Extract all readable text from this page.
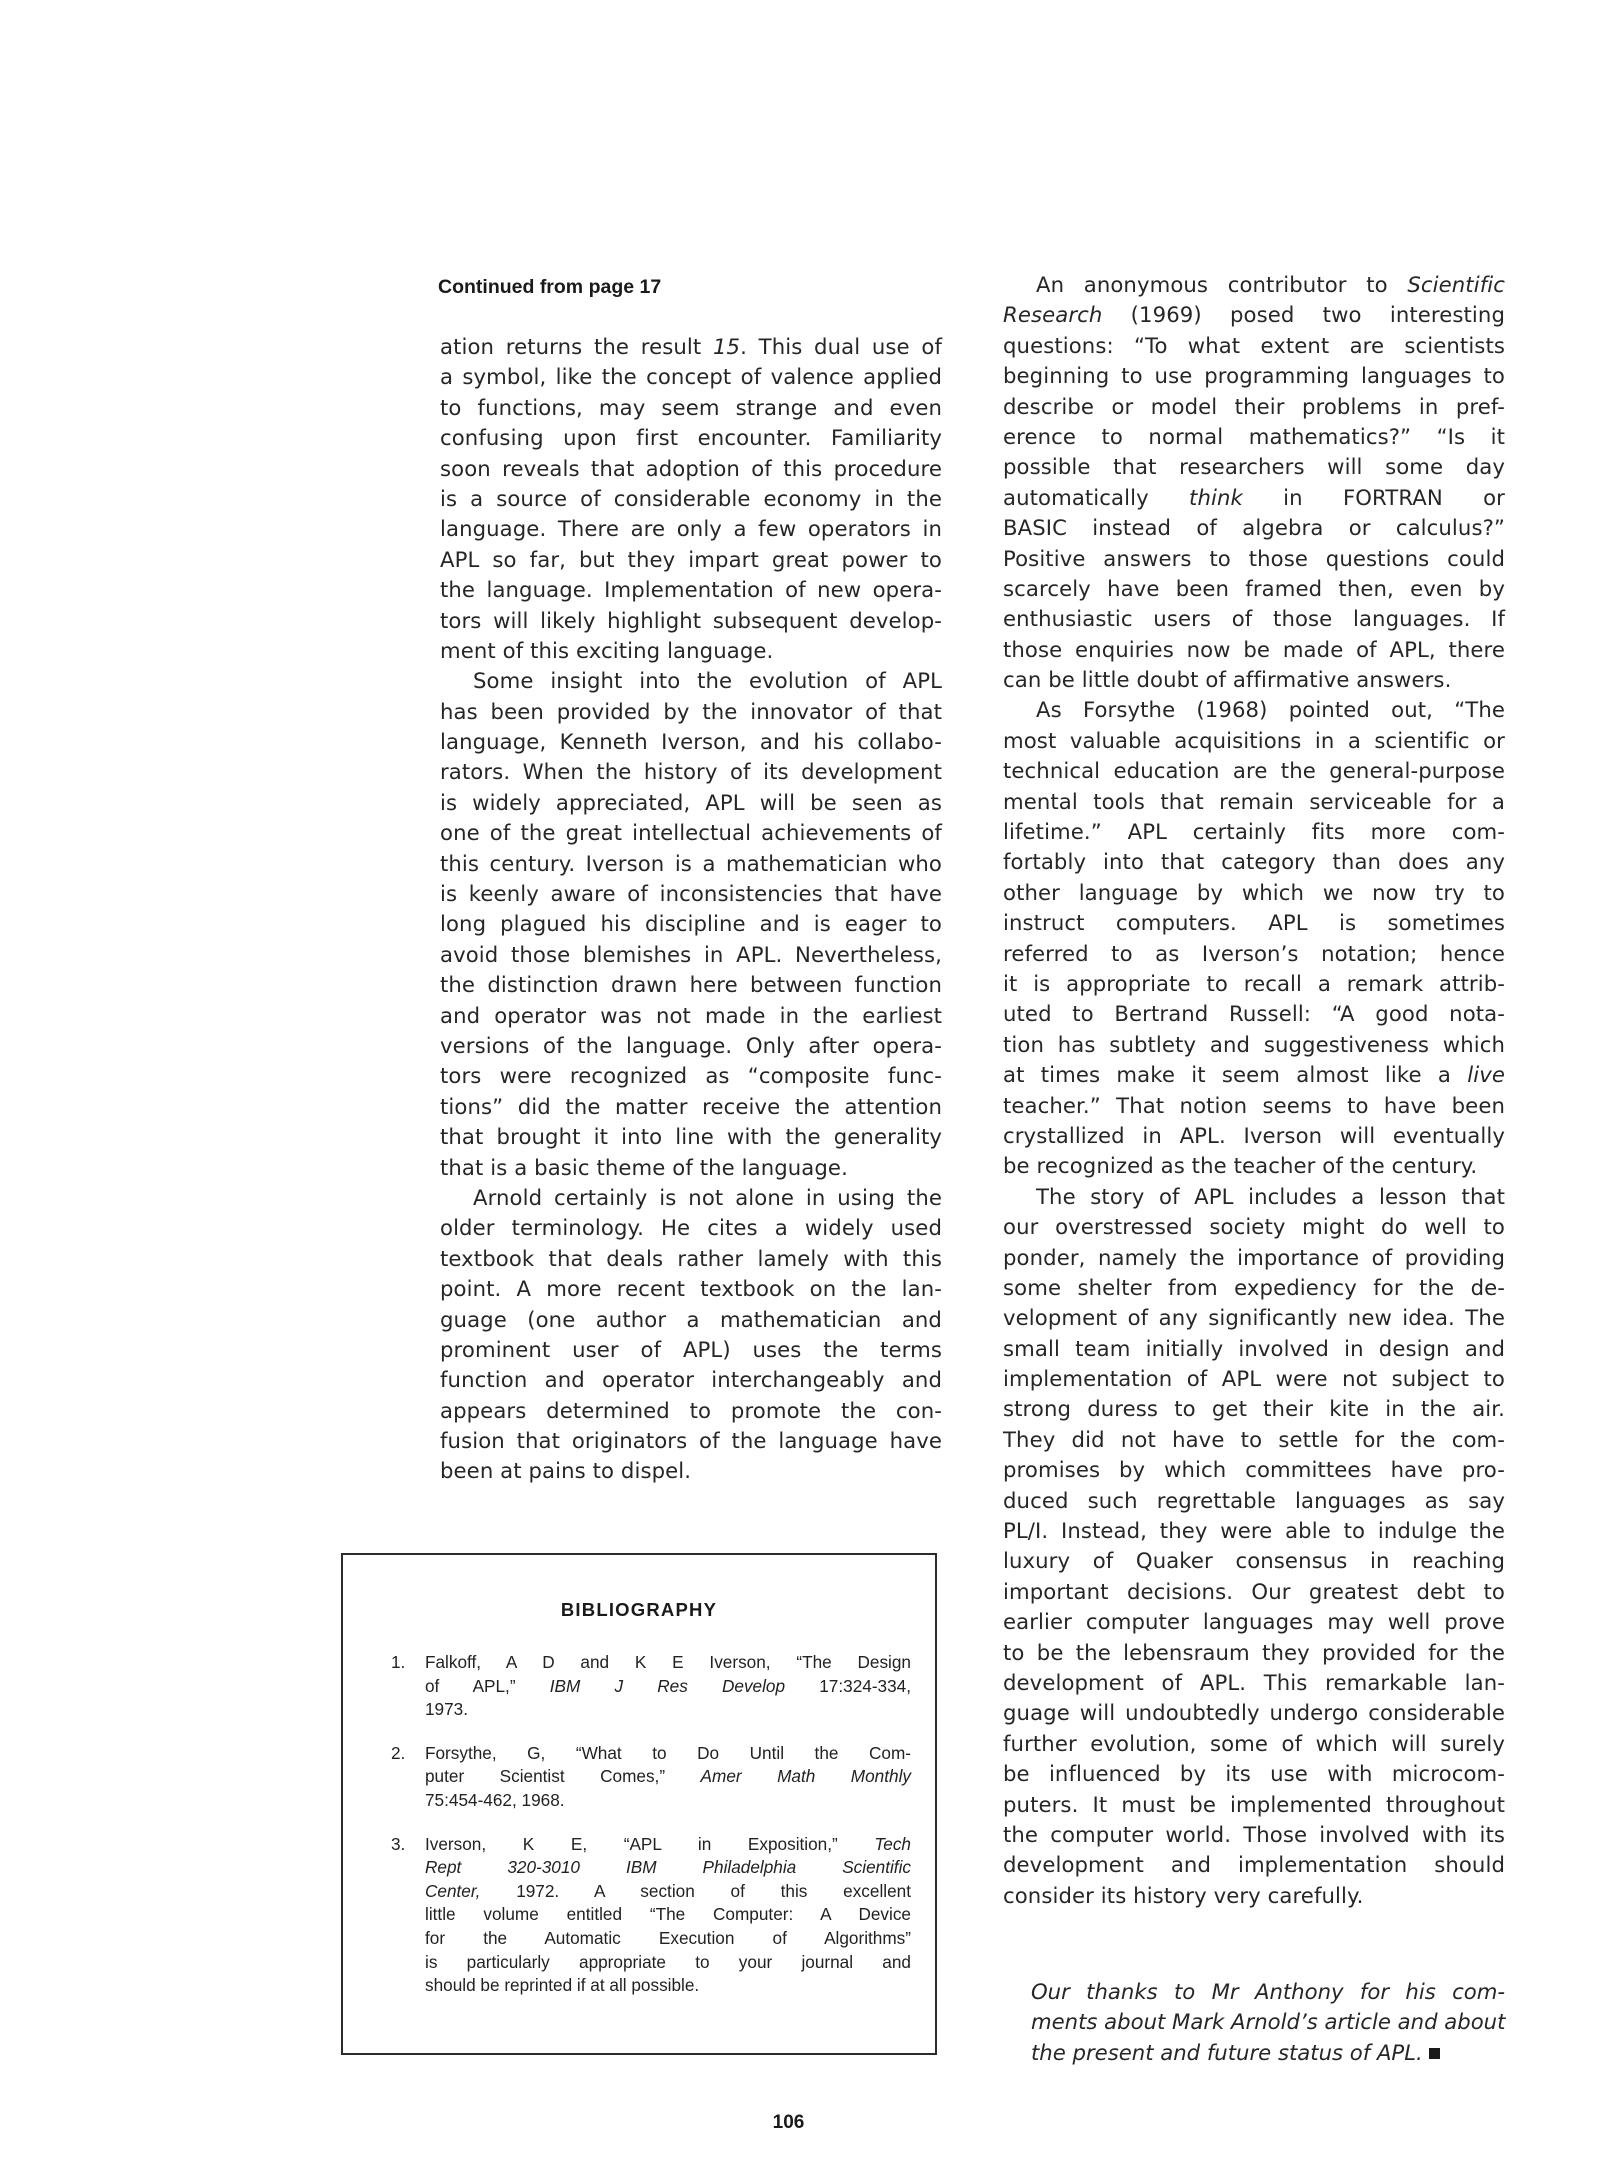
Continued from page 17
ation returns the result 15. This dual use of
a symbol, like the concept of valence applied
to functions, may seem strange and even
confusing upon first encounter. Familiarity
soon reveals that adoption of this procedure
is a source of considerable economy in the
language. There are only a few operators in
APL so far, but they impart great power to
the language. Implementation of new opera-
tors will likely highlight subsequent develop-
ment of this exciting language.
Some insight into the evolution of APL
has been provided by the innovator of that
language, Kenneth Iverson, and his collabo-
rators. When the history of its development
is widely appreciated, APL will be seen as
one of the great intellectual achievements of
this century. Iverson is a mathematician who
is keenly aware of inconsistencies that have
long plagued his discipline and is eager to
avoid those blemishes in APL. Nevertheless,
the distinction drawn here between function
and operator was not made in the earliest
versions of the language. Only after opera-
tors were recognized as “composite func-
tions” did the matter receive the attention
that brought it into line with the generality
that is a basic theme of the language.
Arnold certainly is not alone in using the
older terminology. He cites a widely used
textbook that deals rather lamely with this
point. A more recent textbook on the lan-
guage (one author a mathematician and
prominent user of APL) uses the terms
function and operator interchangeably and
appears determined to promote the con-
fusion that originators of the language have
been at pains to dispel.
An anonymous contributor to Scientific
Research (1969) posed two interesting
questions: “To what extent are scientists
beginning to use programming languages to
describe or model their problems in pref-
erence to normal mathematics?” “Is it
possible that researchers will some day
automatically think in FORTRAN or
BASIC instead of algebra or calculus?”
Positive answers to those questions could
scarcely have been framed then, even by
enthusiastic users of those languages. If
those enquiries now be made of APL, there
can be little doubt of affirmative answers.
As Forsythe (1968) pointed out, “The
most valuable acquisitions in a scientific or
technical education are the general-purpose
mental tools that remain serviceable for a
lifetime.” APL certainly fits more com-
fortably into that category than does any
other language by which we now try to
instruct computers. APL is sometimes
referred to as Iverson’s notation; hence
it is appropriate to recall a remark attrib-
uted to Bertrand Russell: “A good nota-
tion has subtlety and suggestiveness which
at times make it seem almost like a live
teacher.” That notion seems to have been
crystallized in APL. Iverson will eventually
be recognized as the teacher of the century.
The story of APL includes a lesson that
our overstressed society might do well to
ponder, namely the importance of providing
some shelter from expediency for the de-
velopment of any significantly new idea. The
small team initially involved in design and
implementation of APL were not subject to
strong duress to get their kite in the air.
They did not have to settle for the com-
promises by which committees have pro-
duced such regrettable languages as say
PL/I. Instead, they were able to indulge the
luxury of Quaker consensus in reaching
important decisions. Our greatest debt to
earlier computer languages may well prove
to be the lebensraum they provided for the
development of APL. This remarkable lan-
guage will undoubtedly undergo considerable
further evolution, some of which will surely
be influenced by its use with microcom-
puters. It must be implemented throughout
the computer world. Those involved with its
development and implementation should
consider its history very carefully.
BIBLIOGRAPHY
1.	Falkoff, A D and K E Iverson, “The Design
of APL,” IBM J Res Develop 17:324-334,
1973.
2.	Forsythe, G, “What to Do Until the Com-
puter Scientist Comes,” Amer Math Monthly
75:454-462, 1968.
3.	Iverson, K E, “APL in Exposition,” Tech
Rept 320-3010 IBM Philadelphia Scientific
Center, 1972. A section of this excellent
little volume entitled “The Computer: A Device
for the Automatic Execution of Algorithms”
is particularly appropriate to your journal and
should be reprinted if at all possible.	Our thanks to Mr Anthony for his com-
ments about Mark Arnold’s article and about
the present and future status of APL.
106
